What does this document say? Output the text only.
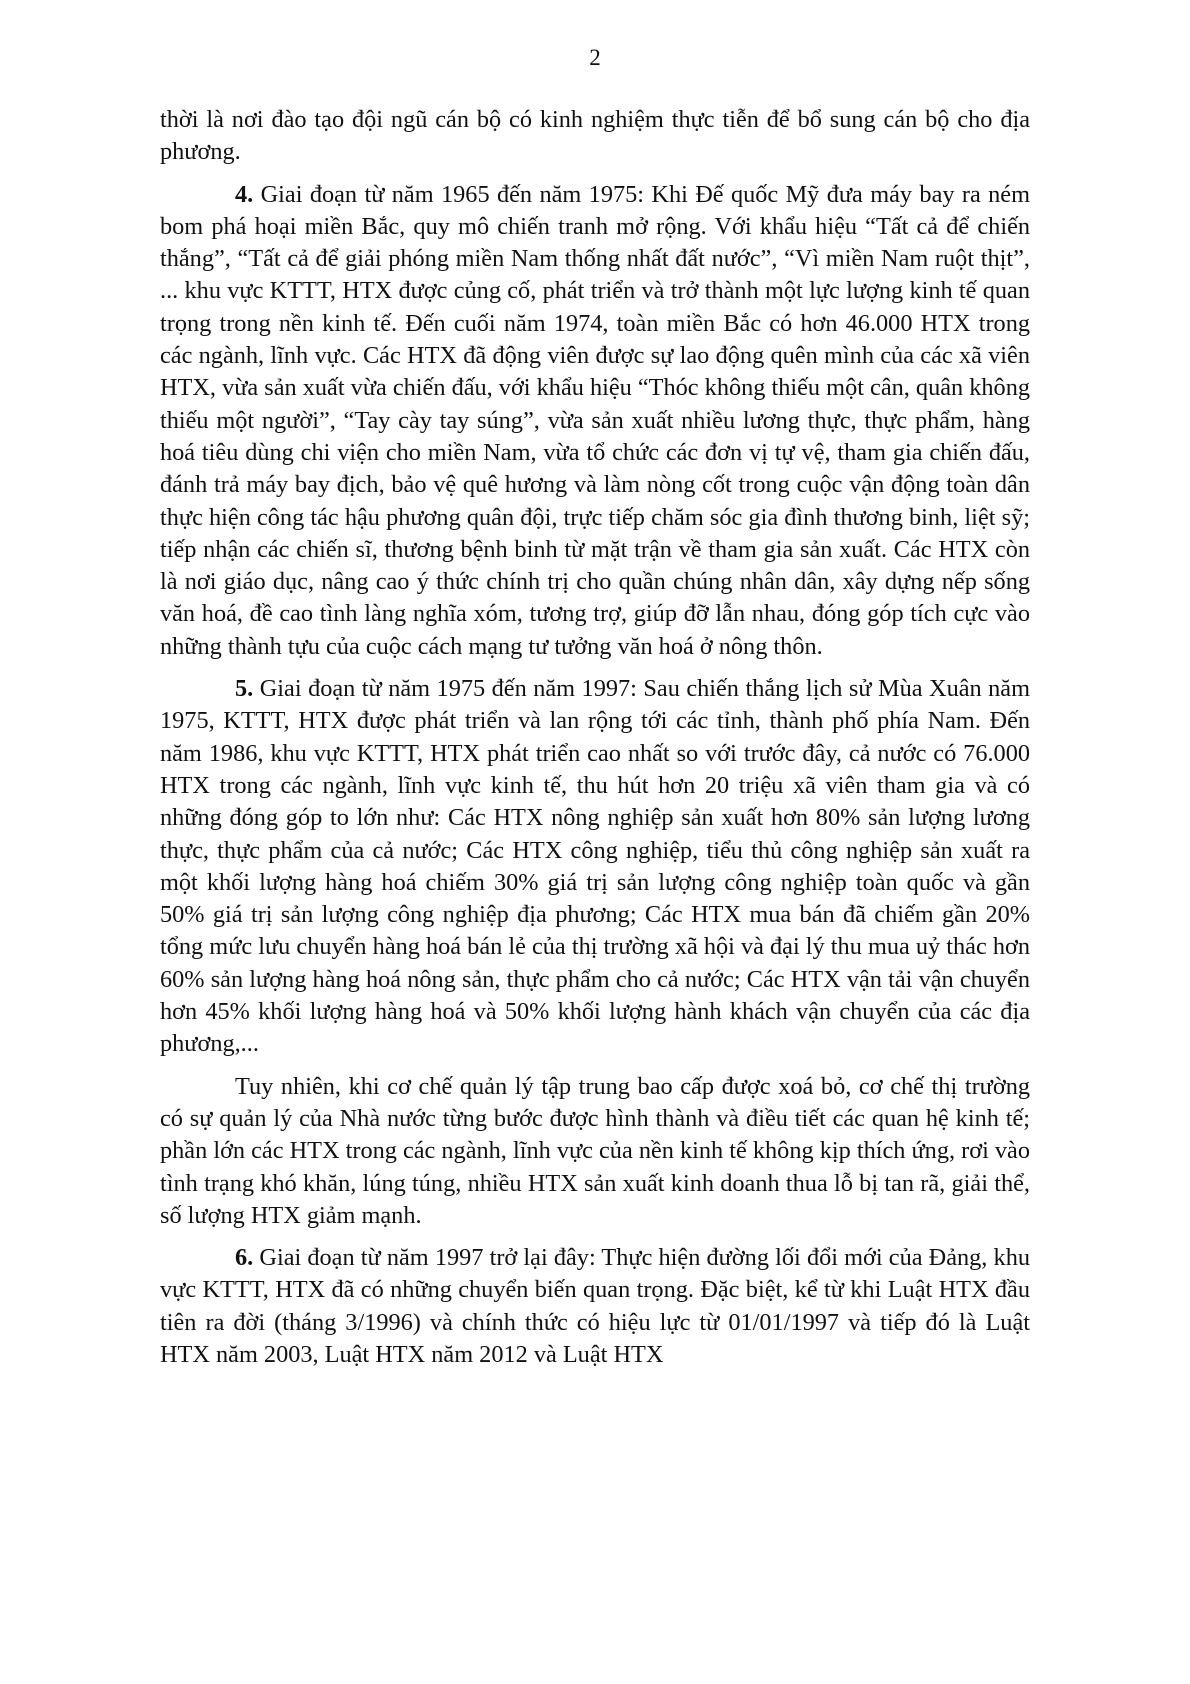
2

thời là nơi đào tạo đội ngũ cán bộ có kinh nghiệm thực tiễn để bổ sung cán bộ cho địa phương.

4. Giai đoạn từ năm 1965 đến năm 1975: Khi Đế quốc Mỹ đưa máy bay ra ném bom phá hoại miền Bắc, quy mô chiến tranh mở rộng. Với khẩu hiệu “Tất cả để chiến thắng”, “Tất cả để giải phóng miền Nam thống nhất đất nước”, “Vì miền Nam ruột thịt”, ... khu vực KTTT, HTX được củng cố, phát triển và trở thành một lực lượng kinh tế quan trọng trong nền kinh tế. Đến cuối năm 1974, toàn miền Bắc có hơn 46.000 HTX trong các ngành, lĩnh vực. Các HTX đã động viên được sự lao động quên mình của các xã viên HTX, vừa sản xuất vừa chiến đấu, với khẩu hiệu “Thóc không thiếu một cân, quân không thiếu một người”, “Tay cày tay súng”, vừa sản xuất nhiều lương thực, thực phẩm, hàng hoá tiêu dùng chi viện cho miền Nam, vừa tổ chức các đơn vị tự vệ, tham gia chiến đấu, đánh trả máy bay địch, bảo vệ quê hương và làm nòng cốt trong cuộc vận động toàn dân thực hiện công tác hậu phương quân đội, trực tiếp chăm sóc gia đình thương binh, liệt sỹ; tiếp nhận các chiến sĩ, thương bệnh binh từ mặt trận về tham gia sản xuất. Các HTX còn là nơi giáo dục, nâng cao ý thức chính trị cho quần chúng nhân dân, xây dựng nếp sống văn hoá, đề cao tình làng nghĩa xóm, tương trợ, giúp đỡ lẫn nhau, đóng góp tích cực vào những thành tựu của cuộc cách mạng tư tưởng văn hoá ở nông thôn.

5. Giai đoạn từ năm 1975 đến năm 1997: Sau chiến thắng lịch sử Mùa Xuân năm 1975, KTTT, HTX được phát triển và lan rộng tới các tỉnh, thành phố phía Nam. Đến năm 1986, khu vực KTTT, HTX phát triển cao nhất so với trước đây, cả nước có 76.000 HTX trong các ngành, lĩnh vực kinh tế, thu hút hơn 20 triệu xã viên tham gia và có những đóng góp to lớn như: Các HTX nông nghiệp sản xuất hơn 80% sản lượng lương thực, thực phẩm của cả nước; Các HTX công nghiệp, tiểu thủ công nghiệp sản xuất ra một khối lượng hàng hoá chiếm 30% giá trị sản lượng công nghiệp toàn quốc và gần 50% giá trị sản lượng công nghiệp địa phương; Các HTX mua bán đã chiếm gần 20% tổng mức lưu chuyển hàng hoá bán lẻ của thị trường xã hội và đại lý thu mua uỷ thác hơn 60% sản lượng hàng hoá nông sản, thực phẩm cho cả nước; Các HTX vận tải vận chuyển hơn 45% khối lượng hàng hoá và 50% khối lượng hành khách vận chuyển của các địa phương,...

Tuy nhiên, khi cơ chế quản lý tập trung bao cấp được xoá bỏ, cơ chế thị trường có sự quản lý của Nhà nước từng bước được hình thành và điều tiết các quan hệ kinh tế; phần lớn các HTX trong các ngành, lĩnh vực của nền kinh tế không kịp thích ứng, rơi vào tình trạng khó khăn, lúng túng, nhiều HTX sản xuất kinh doanh thua lỗ bị tan rã, giải thể, số lượng HTX giảm mạnh.

6. Giai đoạn từ năm 1997 trở lại đây: Thực hiện đường lối đổi mới của Đảng, khu vực KTTT, HTX đã có những chuyển biến quan trọng. Đặc biệt, kể từ khi Luật HTX đầu tiên ra đời (tháng 3/1996) và chính thức có hiệu lực từ 01/01/1997 và tiếp đó là Luật HTX năm 2003, Luật HTX năm 2012 và Luật HTX
